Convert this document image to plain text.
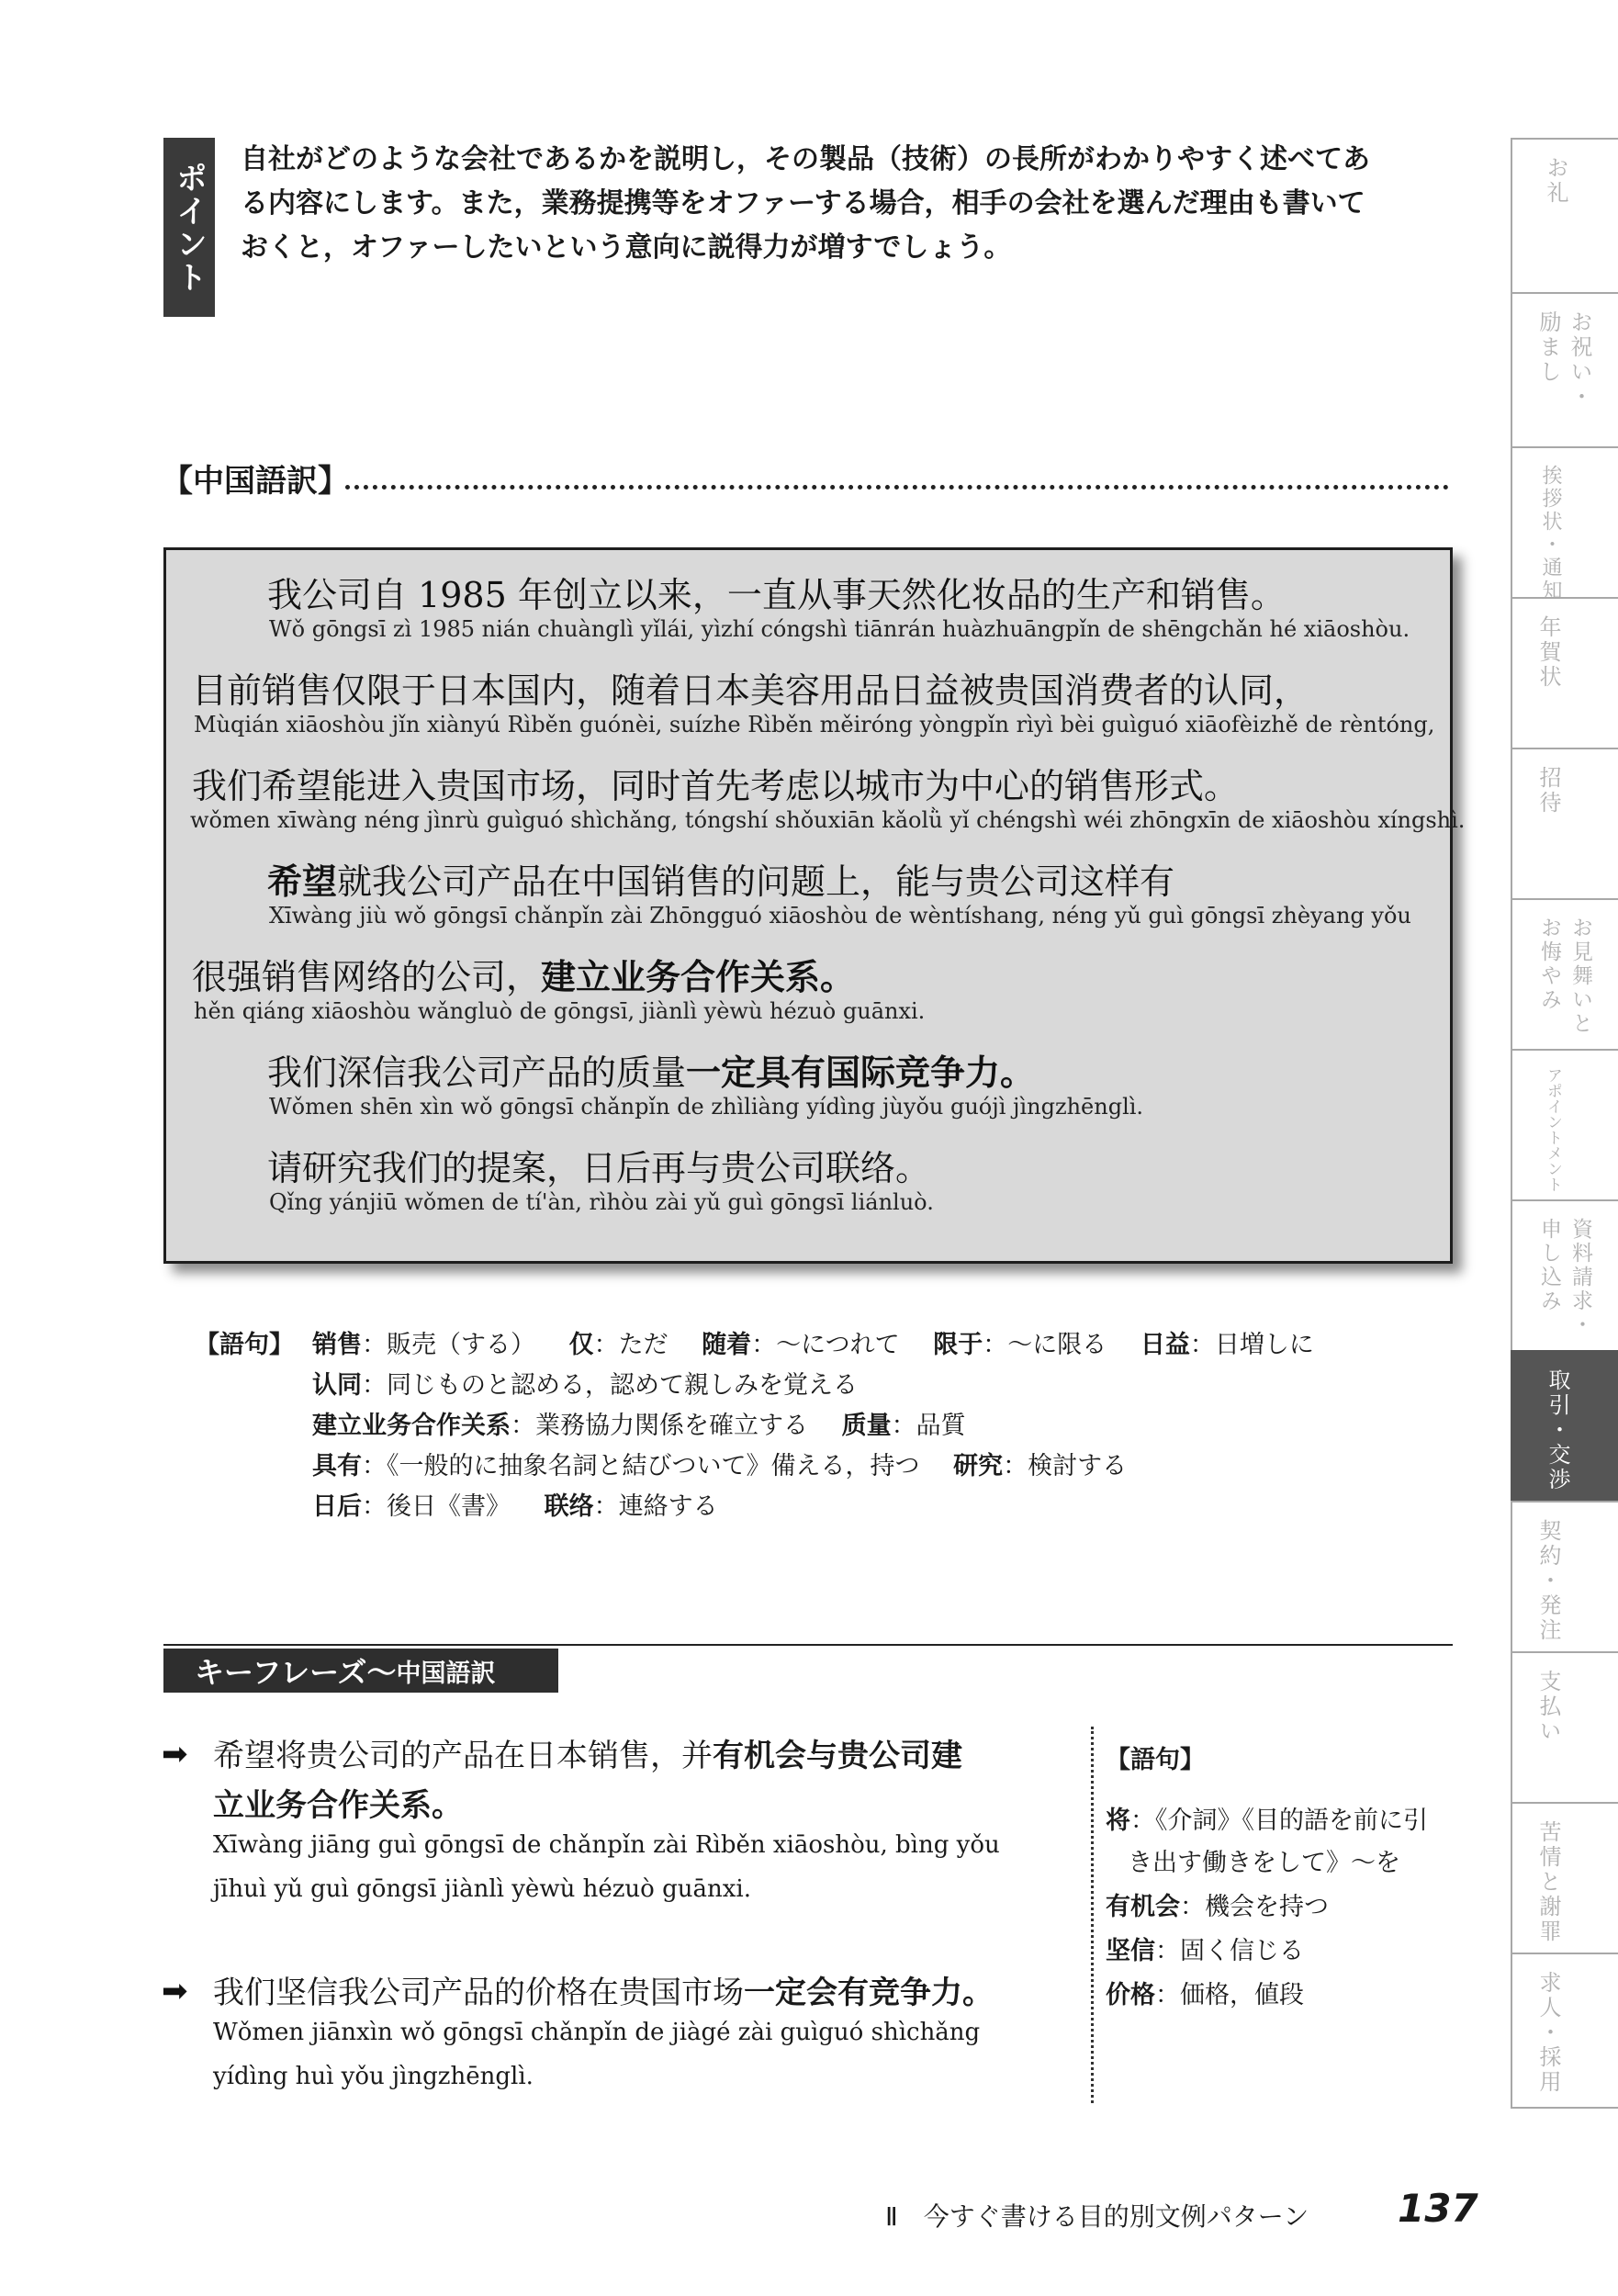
ポイント
自社がどのような会社であるかを説明し，その製品（技術）の長所がわかりやすく述べてあ
る内容にします。また，業務提携等をオファーする場合，相手の会社を選んだ理由も書いて
おくと，オファーしたいという意向に説得力が増すでしょう。
【中国語訳】
我公司自 1985 年创立以来，一直从事天然化妆品的生产和销售。
Wǒ gōngsī zì 1985 nián chuànglì yǐlái, yìzhí cóngshì tiānrán huàzhuāngpǐn de shēngchǎn hé xiāoshòu.
目前销售仅限于日本国内，随着日本美容用品日益被贵国消费者的认同，
Mùqián xiāoshòu jǐn xiànyú Rìběn guónèi, suízhe Rìběn měiróng yòngpǐn rìyì bèi guìguó xiāofèizhě de rèntóng,
我们希望能进入贵国市场，同时首先考虑以城市为中心的销售形式。
wǒmen xīwàng néng jìnrù guìguó shìchǎng, tóngshí shǒuxiān kǎolǜ yǐ chéngshì wéi zhōngxīn de xiāoshòu xíngshì.
希望就我公司产品在中国销售的问题上，能与贵公司这样有
Xīwàng jiù wǒ gōngsī chǎnpǐn zài Zhōngguó xiāoshòu de wèntíshang, néng yǔ guì gōngsī zhèyang yǒu
很强销售网络的公司，建立业务合作关系。
hěn qiáng xiāoshòu wǎngluò de gōngsī, jiànlì yèwù hézuò guānxi.
我们深信我公司产品的质量一定具有国际竞争力。
Wǒmen shēn xìn wǒ gōngsī chǎnpǐn de zhìliàng yídìng jùyǒu guójì jìngzhēnglì.
请研究我们的提案，日后再与贵公司联络。
Qǐng yánjiū wǒmen de tí'àn, rìhòu zài yǔ guì gōngsī liánluò.
【語句】 销售：販売（する） 仅：ただ 随着：～につれて 限于：～に限る 日益：日増しに
认同：同じものと認める，認めて親しみを覚える
建立业务合作关系：業務協力関係を確立する 质量：品質
具有：《一般的に抽象名詞と結びついて》備える，持つ 研究：検討する
日后：後日《書》 联络：連絡する
キーフレーズ～ 中国語訳
➡ 希望将贵公司的产品在日本销售，并有机会与贵公司建
立业务合作关系。
Xīwàng jiāng guì gōngsī de chǎnpǐn zài Rìběn xiāoshòu, bìng yǒu
jīhuì yǔ guì gōngsī jiànlì yèwù hézuò guānxi.
➡ 我们坚信我公司产品的价格在贵国市场一定会有竞争力。
Wǒmen jiānxìn wǒ gōngsī chǎnpǐn de jiàgé zài guìguó shìchǎng
yídìng huì yǒu jìngzhēnglì.
【語句】
将：《介詞》《目的語を前に引
き出す働きをして》～を
有机会：機会を持つ
坚信：固く信じる
价格：価格，値段
お礼
お祝い・
励まし
挨拶状・通知
年賀状
招待
お見舞いと
お悔やみ
アポイントメント
資料請求・
申し込み
取引・交渉
契約・発注
支払い
苦情と謝罪
求人・採用
Ⅱ　今すぐ書ける目的別文例パターン 137
